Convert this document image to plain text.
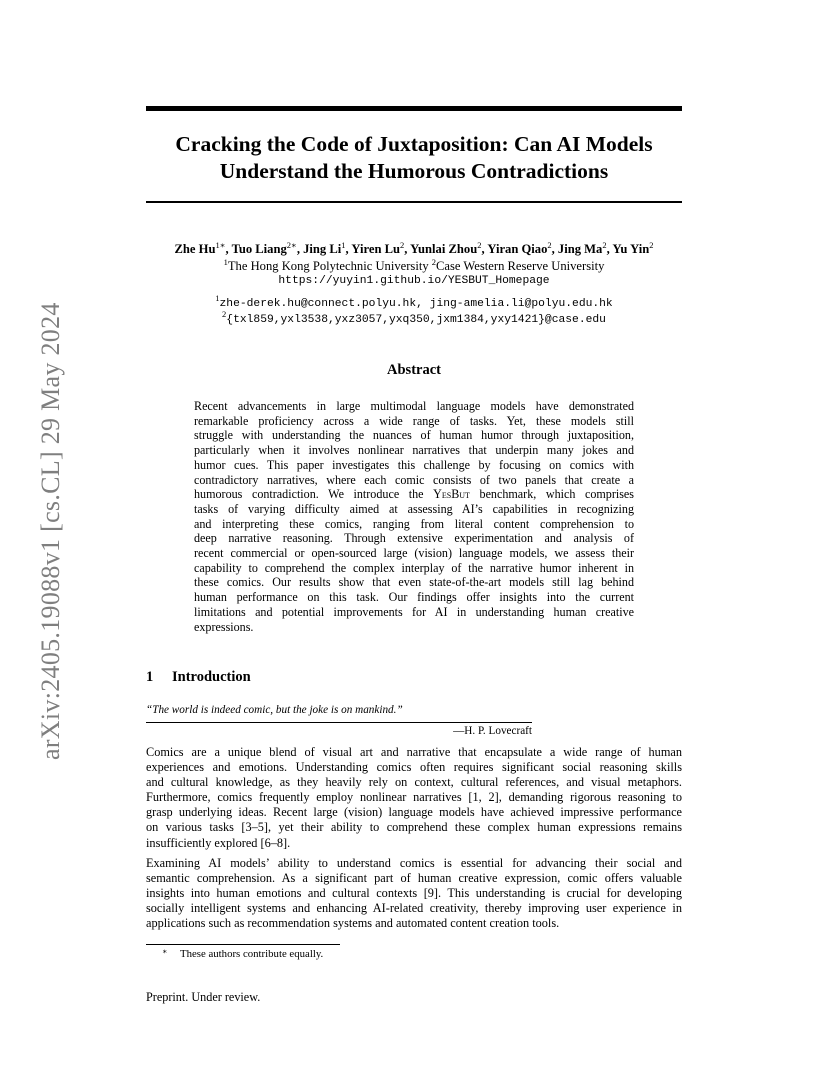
arXiv:2405.19088v1 [cs.CL] 29 May 2024
Cracking the Code of Juxtaposition: Can AI Models
Understand the Humorous Contradictions
Zhe $Hu^{1∗}$, Tuo Liang$^{2∗}$, Jing Li$^1$, Yiren Lu$^2$, Yunlai Zhou$^2$, Yiran Qiao$^2$, Jing Ma$^2$, Yu Yin$^2$
$^1$The Hong Kong Polytechnic University $^2$Case Western Reserve University
https://yuyin1.github.io/YESBUT_Homepage
$^1$zhe-derek.hu@connect.polyu.hk, jing-amelia.li@polyu.edu.hk
$^2${txl859,yxl3538,yxz3057,yxq350,jxm1384,yxy1421}@case.edu
Abstract
Recent advancements in large multimodal language models have demonstrated
remarkable proficiency across a wide range of tasks. Yet, these models still
struggle with understanding the nuances of human humor through juxtaposition,
particularly when it involves nonlinear narratives that underpin many jokes and
humor cues. This paper investigates this challenge by focusing on comics with
contradictory narratives, where each comic consists of two panels that create a
humorous contradiction. We introduce the YesBut benchmark, which comprises
tasks of varying difficulty aimed at assessing AI’s capabilities in recognizing
and interpreting these comics, ranging from literal content comprehension to
deep narrative reasoning. Through extensive experimentation and analysis of
recent commercial or open-sourced large (vision) language models, we assess their
capability to comprehend the complex interplay of the narrative humor inherent in
these comics. Our results show that even state-of-the-art models still lag behind
human performance on this task. Our findings offer insights into the current
limitations and potential improvements for AI in understanding human creative
expressions.
1 Introduction
“The world is indeed comic, but the joke is on mankind.”
—H. P. Lovecraft
Comics are a unique blend of visual art and narrative that encapsulate a wide range of human
experiences and emotions. Understanding comics often requires significant social reasoning skills
and cultural knowledge, as they heavily rely on context, cultural references, and visual metaphors.
Furthermore, comics frequently employ nonlinear narratives [1, 2], demanding rigorous reasoning to
grasp underlying ideas. Recent large (vision) language models have achieved impressive performance
on various tasks [3–5], yet their ability to comprehend these complex human expressions remains
insufficiently explored [6–8].
Examining AI models’ ability to understand comics is essential for advancing their social and
semantic comprehension. As a significant part of human creative expression, comic offers valuable
insights into human emotions and cultural contexts [9]. This understanding is crucial for developing
socially intelligent systems and enhancing AI-related creativity, thereby improving user experience in
applications such as recommendation systems and automated content creation tools.
∗ These authors contribute equally.
Preprint. Under review.
